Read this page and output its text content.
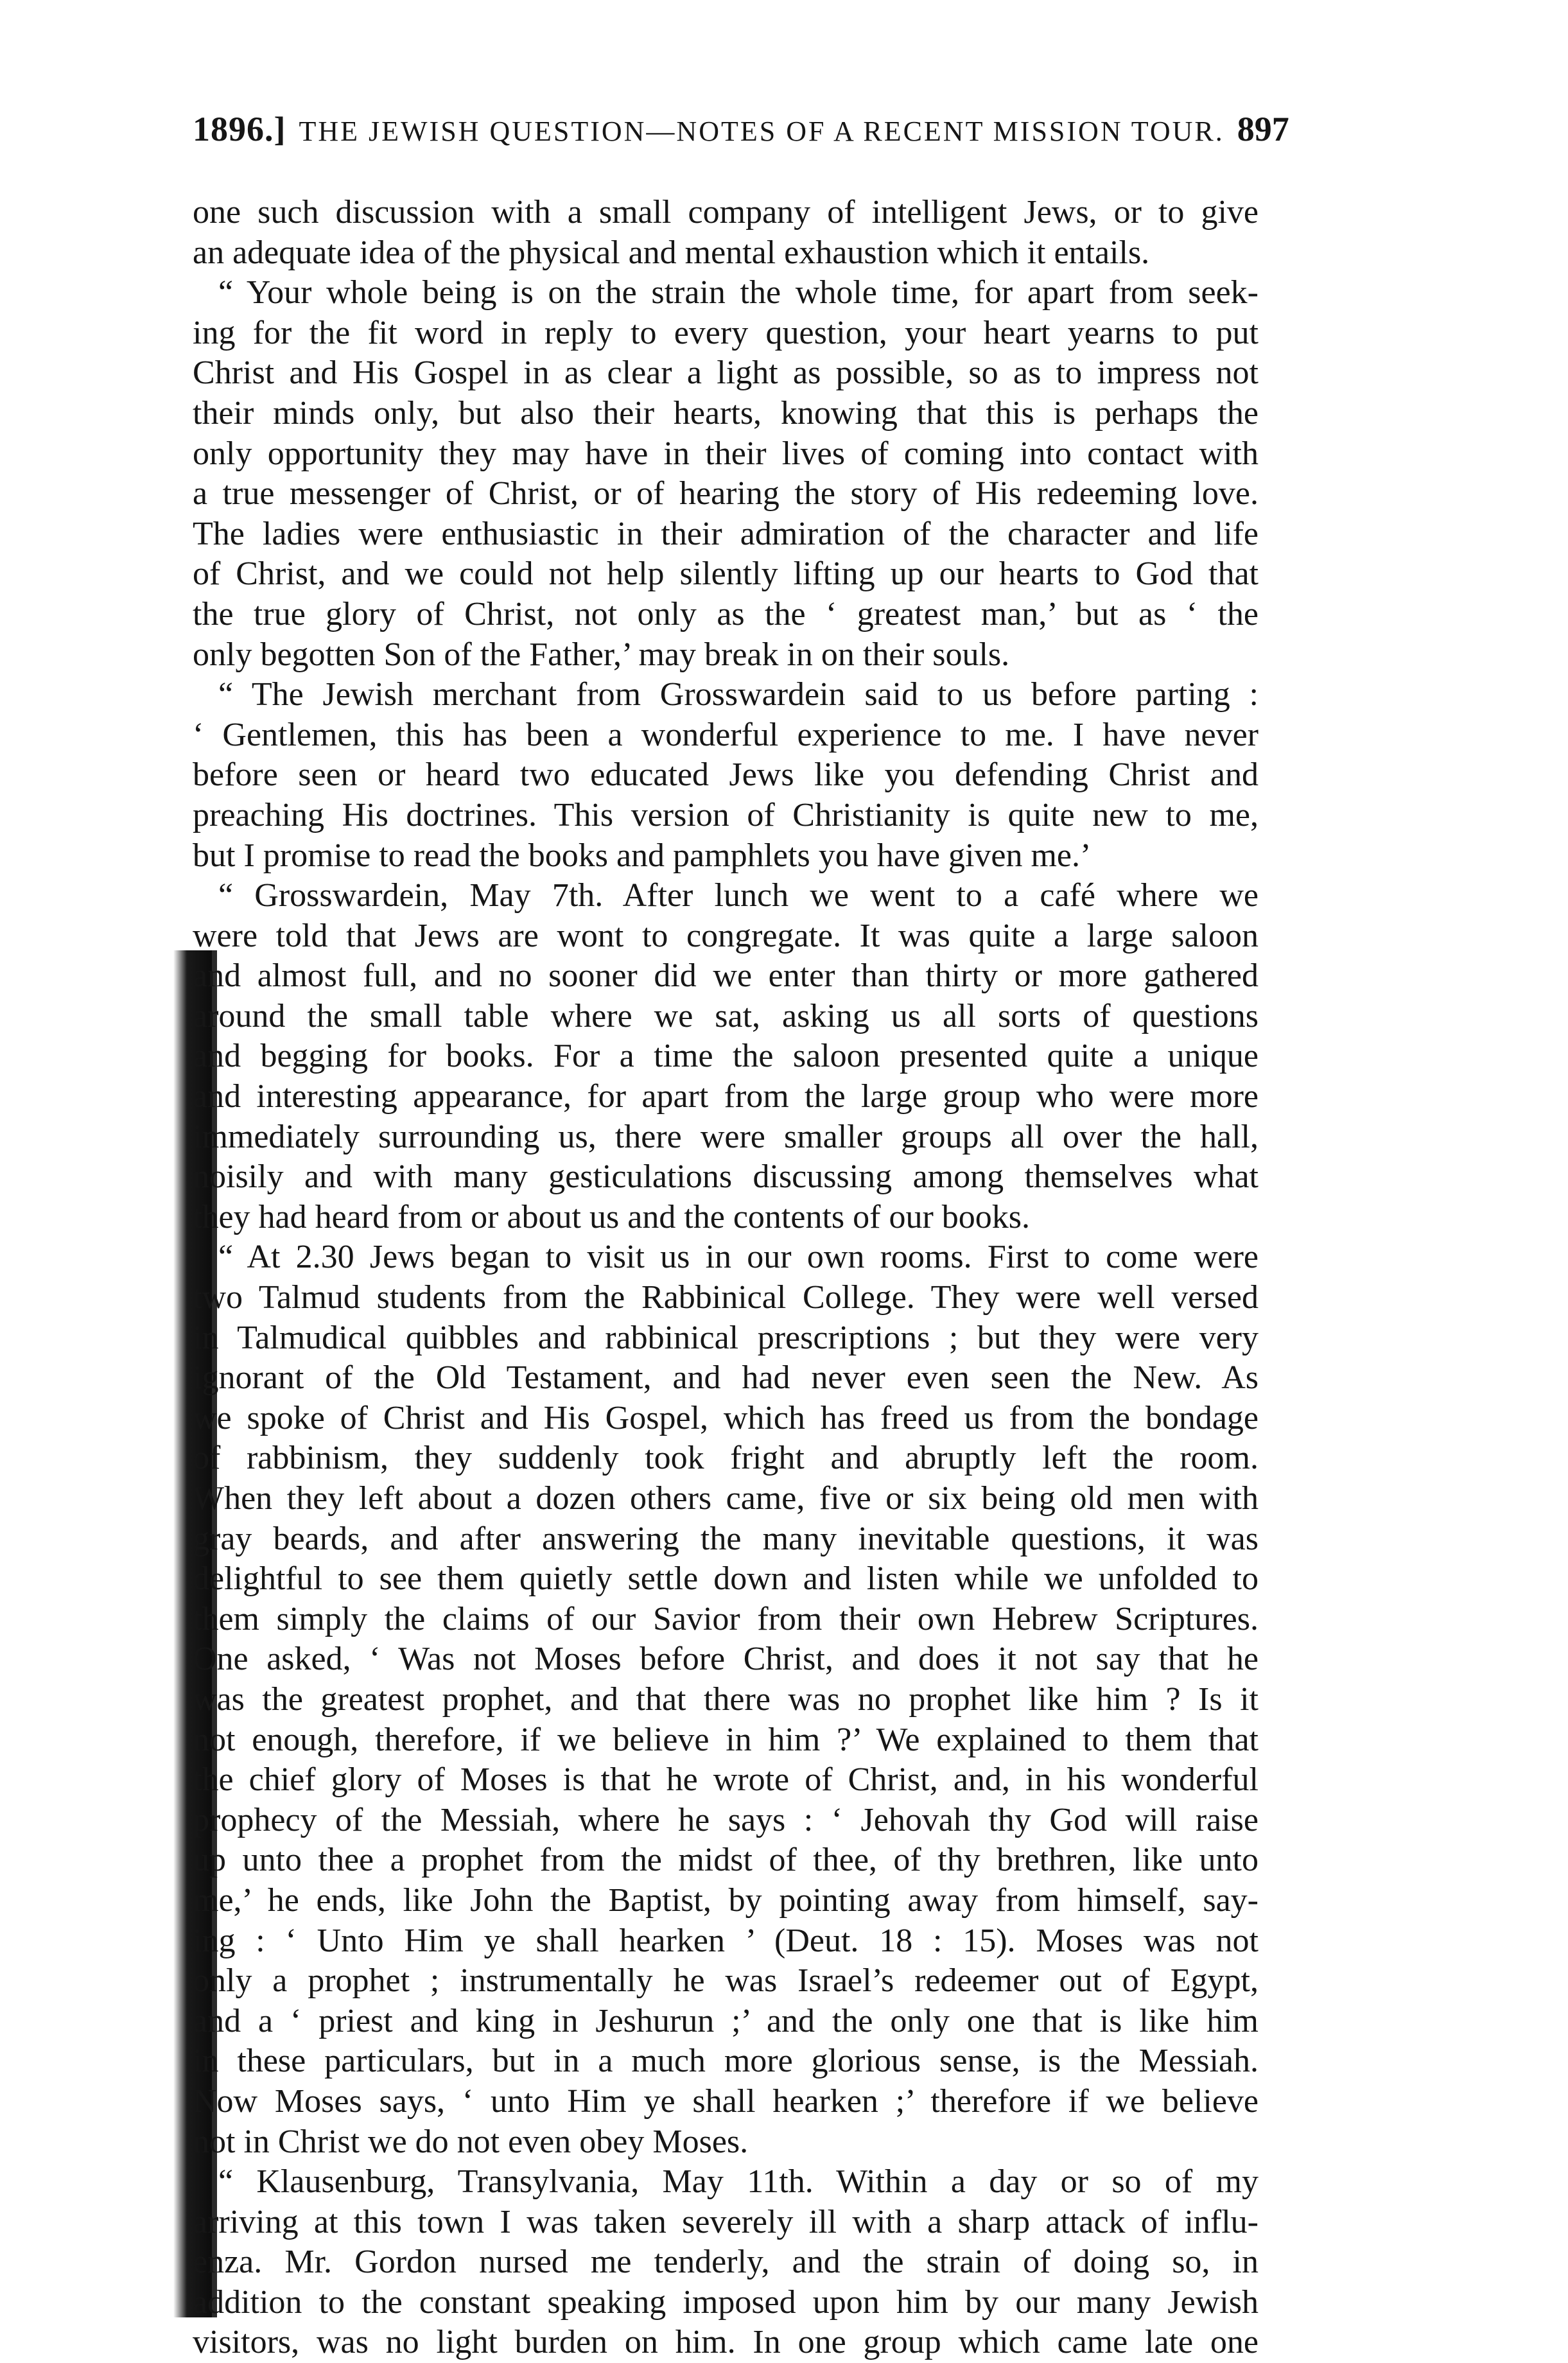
1896.] THE JEWISH QUESTION—NOTES OF A RECENT MISSION TOUR. 897
one such discussion with a small company of intelligent Jews, or to give
an adequate idea of the physical and mental exhaustion which it entails.
“ Your whole being is on the strain the whole time, for apart from seek-
ing for the fit word in reply to every question, your heart yearns to put
Christ and His Gospel in as clear a light as possible, so as to impress not
their minds only, but also their hearts, knowing that this is perhaps the
only opportunity they may have in their lives of coming into contact with
a true messenger of Christ, or of hearing the story of His redeeming love.
The ladies were enthusiastic in their admiration of the character and life
of Christ, and we could not help silently lifting up our hearts to God that
the true glory of Christ, not only as the ‘ greatest man,’ but as ‘ the
only begotten Son of the Father,’ may break in on their souls.
“ The Jewish merchant from Grosswardein said to us before parting :
‘ Gentlemen, this has been a wonderful experience to me. I have never
before seen or heard two educated Jews like you defending Christ and
preaching His doctrines. This version of Christianity is quite new to me,
but I promise to read the books and pamphlets you have given me.’
“ Grosswardein, May 7th. After lunch we went to a café where we
were told that Jews are wont to congregate. It was quite a large saloon
and almost full, and no sooner did we enter than thirty or more gathered
around the small table where we sat, asking us all sorts of questions
and begging for books. For a time the saloon presented quite a unique
and interesting appearance, for apart from the large group who were more
immediately surrounding us, there were smaller groups all over the hall,
noisily and with many gesticulations discussing among themselves what
they had heard from or about us and the contents of our books.
“ At 2.30 Jews began to visit us in our own rooms. First to come were
two Talmud students from the Rabbinical College. They were well versed
in Talmudical quibbles and rabbinical prescriptions ; but they were very
ignorant of the Old Testament, and had never even seen the New. As
we spoke of Christ and His Gospel, which has freed us from the bondage
of rabbinism, they suddenly took fright and abruptly left the room.
When they left about a dozen others came, five or six being old men with
gray beards, and after answering the many inevitable questions, it was
delightful to see them quietly settle down and listen while we unfolded to
them simply the claims of our Savior from their own Hebrew Scriptures.
One asked, ‘ Was not Moses before Christ, and does it not say that he
was the greatest prophet, and that there was no prophet like him ? Is it
not enough, therefore, if we believe in him ?’ We explained to them that
the chief glory of Moses is that he wrote of Christ, and, in his wonderful
prophecy of the Messiah, where he says : ‘ Jehovah thy God will raise
up unto thee a prophet from the midst of thee, of thy brethren, like unto
me,’ he ends, like John the Baptist, by pointing away from himself, say-
ing : ‘ Unto Him ye shall hearken ’ (Deut. 18 : 15). Moses was not
only a prophet ; instrumentally he was Israel’s redeemer out of Egypt,
and a ‘ priest and king in Jeshurun ;’ and the only one that is like him
in these particulars, but in a much more glorious sense, is the Messiah.
Now Moses says, ‘ unto Him ye shall hearken ;’ therefore if we believe
not in Christ we do not even obey Moses.
“ Klausenburg, Transylvania, May 11th. Within a day or so of my
arriving at this town I was taken severely ill with a sharp attack of influ-
enza. Mr. Gordon nursed me tenderly, and the strain of doing so, in
addition to the constant speaking imposed upon him by our many Jewish
visitors, was no light burden on him. In one group which came late one
